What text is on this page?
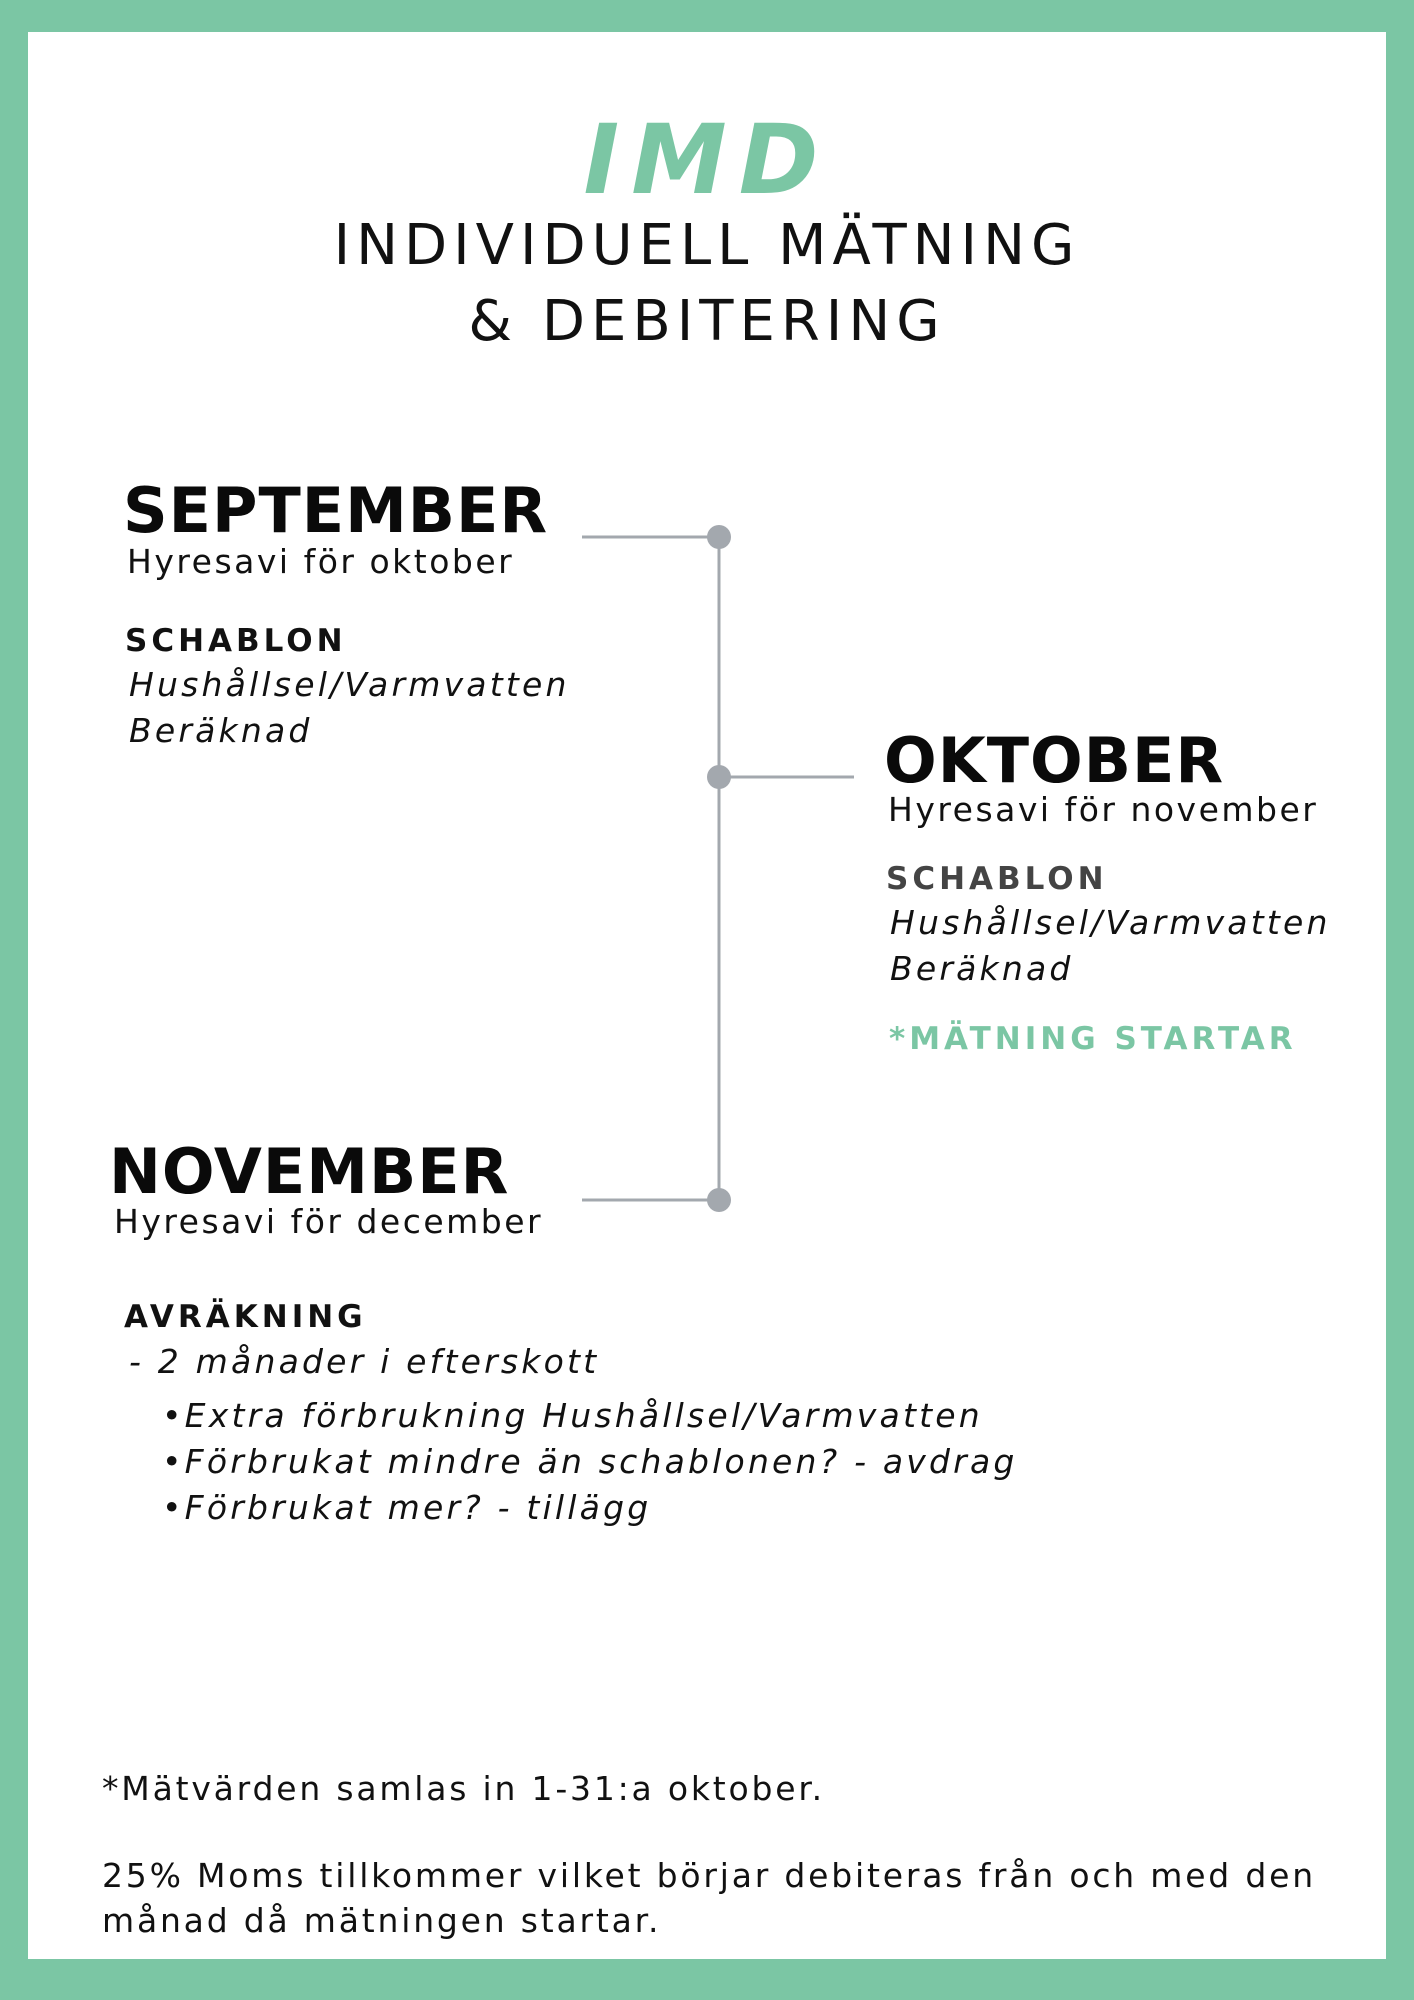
IMD
INDIVIDUELL MÄTNING
& DEBITERING
SEPTEMBER
Hyresavi för oktober
SCHABLON
Hushållsel/Varmvatten
Beräknad	OKTOBER
Hyresavi för november
SCHABLON
Hushållsel/Varmvatten
Beräknad
*MÄTNING STARTAR
NOVEMBER
Hyresavi för december
AVRÄKNING
- 2 månader i efterskott
•Extra förbrukning Hushållsel/Varmvatten
•Förbrukat mindre än schablonen? - avdrag
•Förbrukat mer? - tillägg
*Mätvärden samlas in 1-31:a oktober.
25% Moms tillkommer vilket börjar debiteras från och med den
månad då mätningen startar.
